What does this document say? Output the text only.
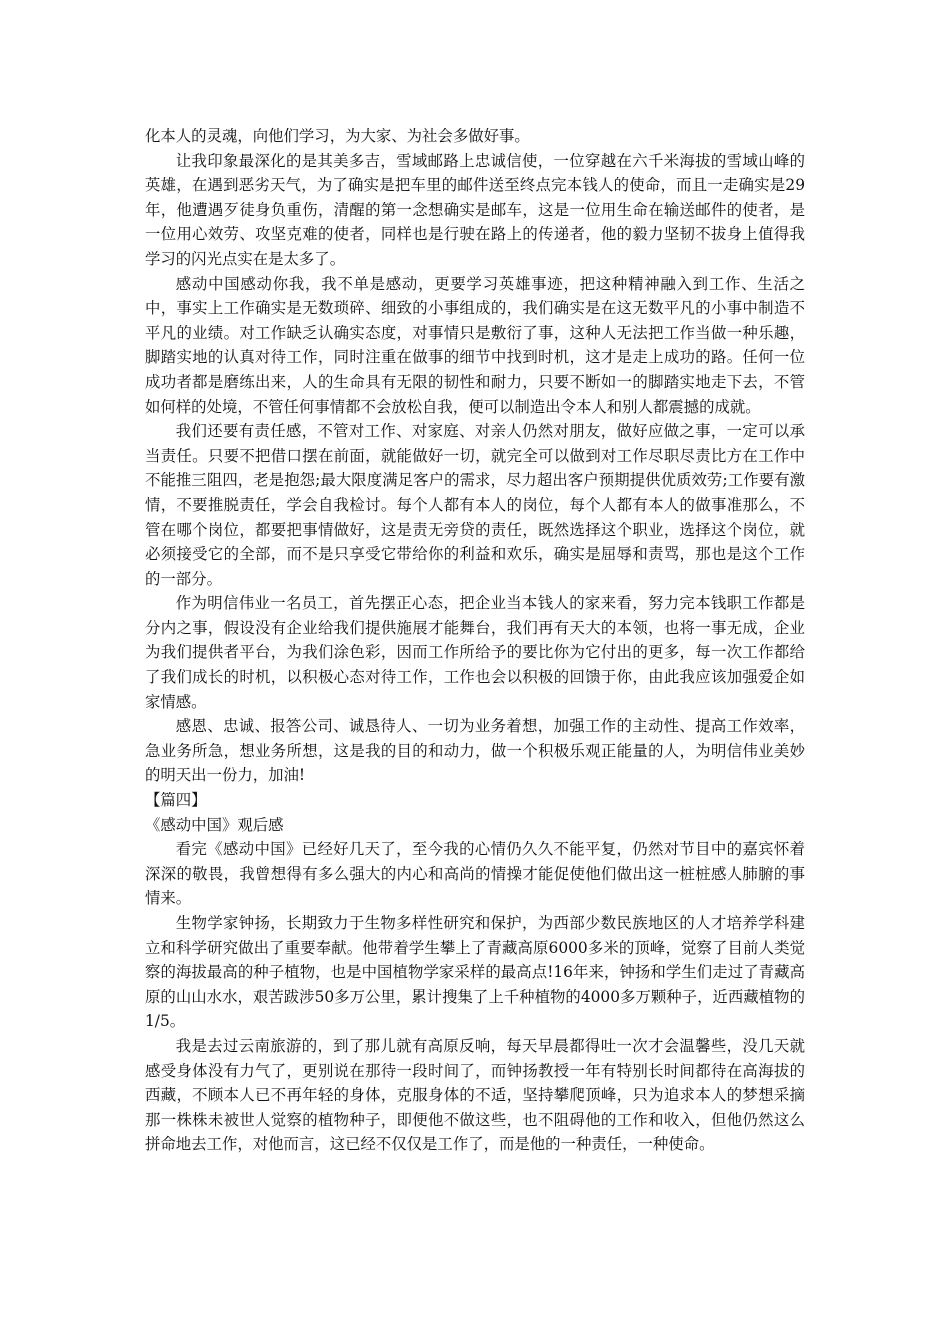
化本人的灵魂，向他们学习，为大家、为社会多做好事。

让我印象最深化的是其美多吉，雪域邮路上忠诚信使，一位穿越在六千米海拔的雪域山峰的英雄，在遇到恶劣天气，为了确实是把车里的邮件送至终点完本钱人的使命，而且一走确实是29年，他遭遇歹徒身负重伤，清醒的第一念想确实是邮车，这是一位用生命在输送邮件的使者，是一位用心效劳、攻坚克难的使者，同样也是行驶在路上的传递者，他的毅力坚韧不拔身上值得我学习的闪光点实在是太多了。

感动中国感动你我，我不单是感动，更要学习英雄事迹，把这种精神融入到工作、生活之中，事实上工作确实是无数琐碎、细致的小事组成的，我们确实是在这无数平凡的小事中制造不平凡的业绩。对工作缺乏认确实态度，对事情只是敷衍了事，这种人无法把工作当做一种乐趣，脚踏实地的认真对待工作，同时注重在做事的细节中找到时机，这才是走上成功的路。任何一位成功者都是磨练出来，人的生命具有无限的韧性和耐力，只要不断如一的脚踏实地走下去，不管如何样的处境，不管任何事情都不会放松自我，便可以制造出令本人和别人都震撼的成就。

我们还要有责任感，不管对工作、对家庭、对亲人仍然对朋友，做好应做之事，一定可以承当责任。只要不把借口摆在前面，就能做好一切，就完全可以做到对工作尽职尽责比方在工作中不能推三阻四，老是抱怨;最大限度满足客户的需求，尽力超出客户预期提供优质效劳;工作要有激情，不要推脱责任，学会自我检讨。每个人都有本人的岗位，每个人都有本人的做事准那么，不管在哪个岗位，都要把事情做好，这是责无旁贷的责任，既然选择这个职业，选择这个岗位，就必须接受它的全部，而不是只享受它带给你的利益和欢乐，确实是屈辱和责骂，那也是这个工作的一部分。

作为明信伟业一名员工，首先摆正心态，把企业当本钱人的家来看，努力完本钱职工作都是分内之事，假设没有企业给我们提供施展才能舞台，我们再有天大的本领，也将一事无成，企业为我们提供者平台，为我们涂色彩，因而工作所给予的要比你为它付出的更多，每一次工作都给了我们成长的时机，以积极心态对待工作，工作也会以积极的回馈于你，由此我应该加强爱企如家情感。

感恩、忠诚、报答公司、诚恳待人、一切为业务着想，加强工作的主动性、提高工作效率，急业务所急，想业务所想，这是我的目的和动力，做一个积极乐观正能量的人，为明信伟业美妙的明天出一份力，加油!

【篇四】

《感动中国》观后感

看完《感动中国》已经好几天了，至今我的心情仍久久不能平复，仍然对节目中的嘉宾怀着深深的敬畏，我曾想得有多么强大的内心和高尚的情操才能促使他们做出这一桩桩感人肺腑的事情来。

生物学家钟扬，长期致力于生物多样性研究和保护，为西部少数民族地区的人才培养学科建立和科学研究做出了重要奉献。他带着学生攀上了青藏高原6000多米的顶峰，觉察了目前人类觉察的海拔最高的种子植物，也是中国植物学家采样的最高点!16年来，钟扬和学生们走过了青藏高原的山山水水，艰苦跋涉50多万公里，累计搜集了上千种植物的4000多万颗种子，近西藏植物的1/5。

我是去过云南旅游的，到了那儿就有高原反响，每天早晨都得吐一次才会温馨些，没几天就感受身体没有力气了，更别说在那待一段时间了，而钟扬教授一年有特别长时间都待在高海拔的西藏，不顾本人已不再年轻的身体，克服身体的不适，坚持攀爬顶峰，只为追求本人的梦想采摘那一株株未被世人觉察的植物种子，即便他不做这些，也不阻碍他的工作和收入，但他仍然这么拼命地去工作，对他而言，这已经不仅仅是工作了，而是他的一种责任，一种使命。
